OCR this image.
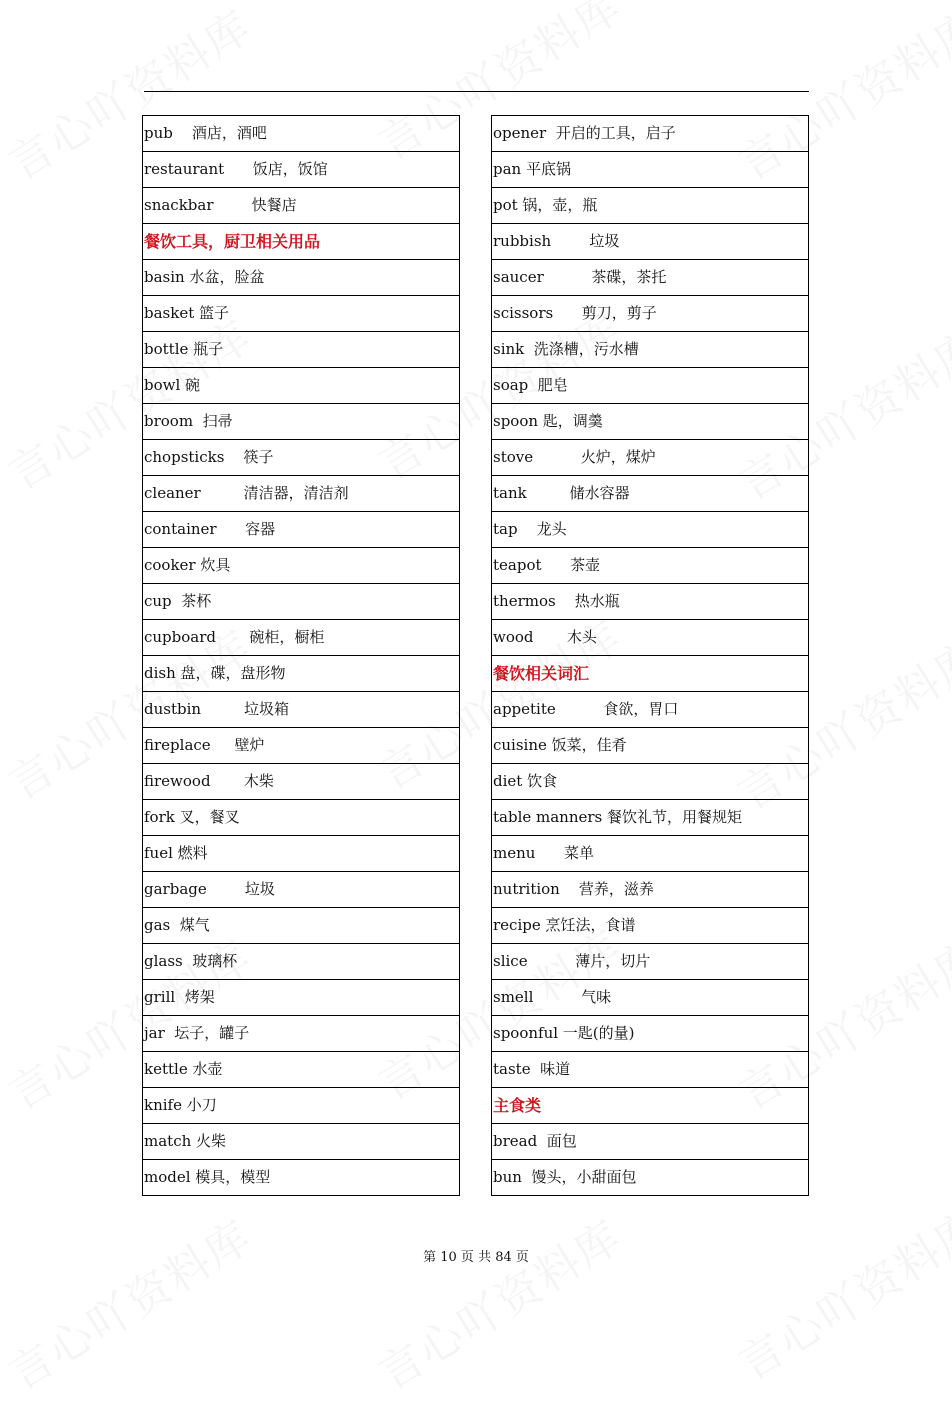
pub    酒店，酒吧
restaurant      饭店，饭馆
snackbar        快餐店
餐饮工具，厨卫相关用品
basin 水盆，脸盆
basket 篮子
bottle 瓶子
bowl 碗
broom  扫帚
chopsticks    筷子
cleaner         清洁器，清洁剂
container      容器
cooker 炊具
cup  茶杯
cupboard       碗柜，橱柜
dish 盘，碟，盘形物
dustbin         垃圾箱
fireplace     壁炉
firewood       木柴
fork 叉，餐叉
fuel 燃料
garbage        垃圾
gas  煤气
glass  玻璃杯
grill  烤架
jar  坛子，罐子
kettle 水壶
knife 小刀
match 火柴
model 模具，模型
opener  开启的工具，启子
pan 平底锅
pot 锅，壶，瓶
rubbish        垃圾
saucer          茶碟，茶托
scissors      剪刀，剪子
sink  洗涤槽，污水槽
soap  肥皂
spoon 匙，调羹
stove          火炉，煤炉
tank         储水容器
tap    龙头
teapot      茶壶
thermos    热水瓶
wood       木头
餐饮相关词汇
appetite          食欲，胃口
cuisine 饭菜，佳肴
diet 饮食
table manners 餐饮礼节，用餐规矩
menu      菜单
nutrition    营养，滋养
recipe 烹饪法，食谱
slice          薄片，切片
smell          气味
spoonful 一匙(的量)
taste  味道
主食类
bread  面包
bun  馒头，小甜面包
第 10 页 共 84 页
